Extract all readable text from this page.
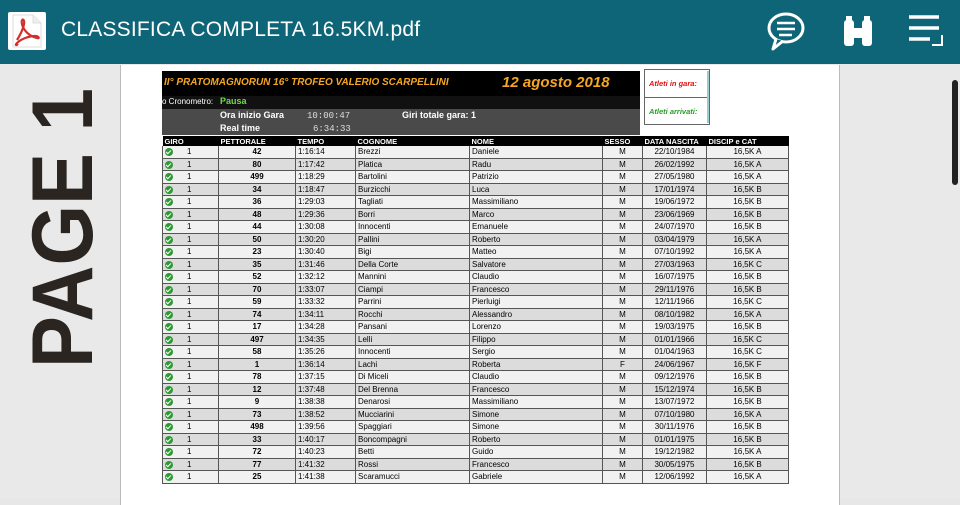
CLASSIFICA COMPLETA 16.5KM.pdf
PAGE 1	II° PRATOMAGNORUN 16° TROFEO VALERIO SCARPELLINI	12 agosto 2018	Atleti in gara:
Atleti arrivati:
o Cronometro: Pausa
Ora inizio Gara	10:00:47	Giri totale gara: 1
Real time	6:34:33
GIRO	PETTORALE	TEMPO	COGNOME	NOME	SESSO	DATA NASCITA	DISCIP e CAT
1	42	1:16:14	Brezzi	Daniele	M	22/10/1984	16,5K A
1	80	1:17:42	Platica	Radu	M	26/02/1992	16,5K A
1	499	1:18:29	Bartolini	Patrizio	M	27/05/1980	16,5K A
1	34	1:18:47	Burzicchi	Luca	M	17/01/1974	16,5K B
1	36	1:29:03	Tagliati	Massimiliano	M	19/06/1972	16,5K B
1	48	1:29:36	Borri	Marco	M	23/06/1969	16,5K B
1	44	1:30:08	Innocenti	Emanuele	M	24/07/1970	16,5K B
1	50	1:30:20	Pallini	Roberto	M	03/04/1979	16,5K A
1	23	1:30:40	Bigi	Matteo	M	07/10/1992	16,5K A
1	35	1:31:46	Della Corte	Salvatore	M	27/03/1963	16,5K C
1	52	1:32:12	Mannini	Claudio	M	16/07/1975	16,5K B
1	70	1:33:07	Ciampi	Francesco	M	29/11/1976	16,5K B
1	59	1:33:32	Parrini	Pierluigi	M	12/11/1966	16,5K C
1	74	1:34:11	Rocchi	Alessandro	M	08/10/1982	16,5K A
1	17	1:34:28	Pansani	Lorenzo	M	19/03/1975	16,5K B
1	497	1:34:35	Lelli	Filippo	M	01/01/1966	16,5K C
1	58	1:35:26	Innocenti	Sergio	M	01/04/1963	16,5K C
1	1	1:36:14	Lachi	Roberta	F	24/06/1967	16,5K F
1	78	1:37:15	Di Miceli	Claudio	M	09/12/1976	16,5K B
1	12	1:37:48	Del Brenna	Francesco	M	15/12/1974	16,5K B
1	9	1:38:38	Denarosi	Massimiliano	M	13/07/1972	16,5K B
1	73	1:38:52	Mucciarini	Simone	M	07/10/1980	16,5K A
1	498	1:39:56	Spaggiari	Simone	M	30/11/1976	16,5K B
1	33	1:40:17	Boncompagni	Roberto	M	01/01/1975	16,5K B
1	72	1:40:23	Betti	Guido	M	19/12/1982	16,5K A
1	77	1:41:32	Rossi	Francesco	M	30/05/1975	16,5K B
1	25	1:41:38	Scaramucci	Gabriele	M	12/06/1992	16,5K A
